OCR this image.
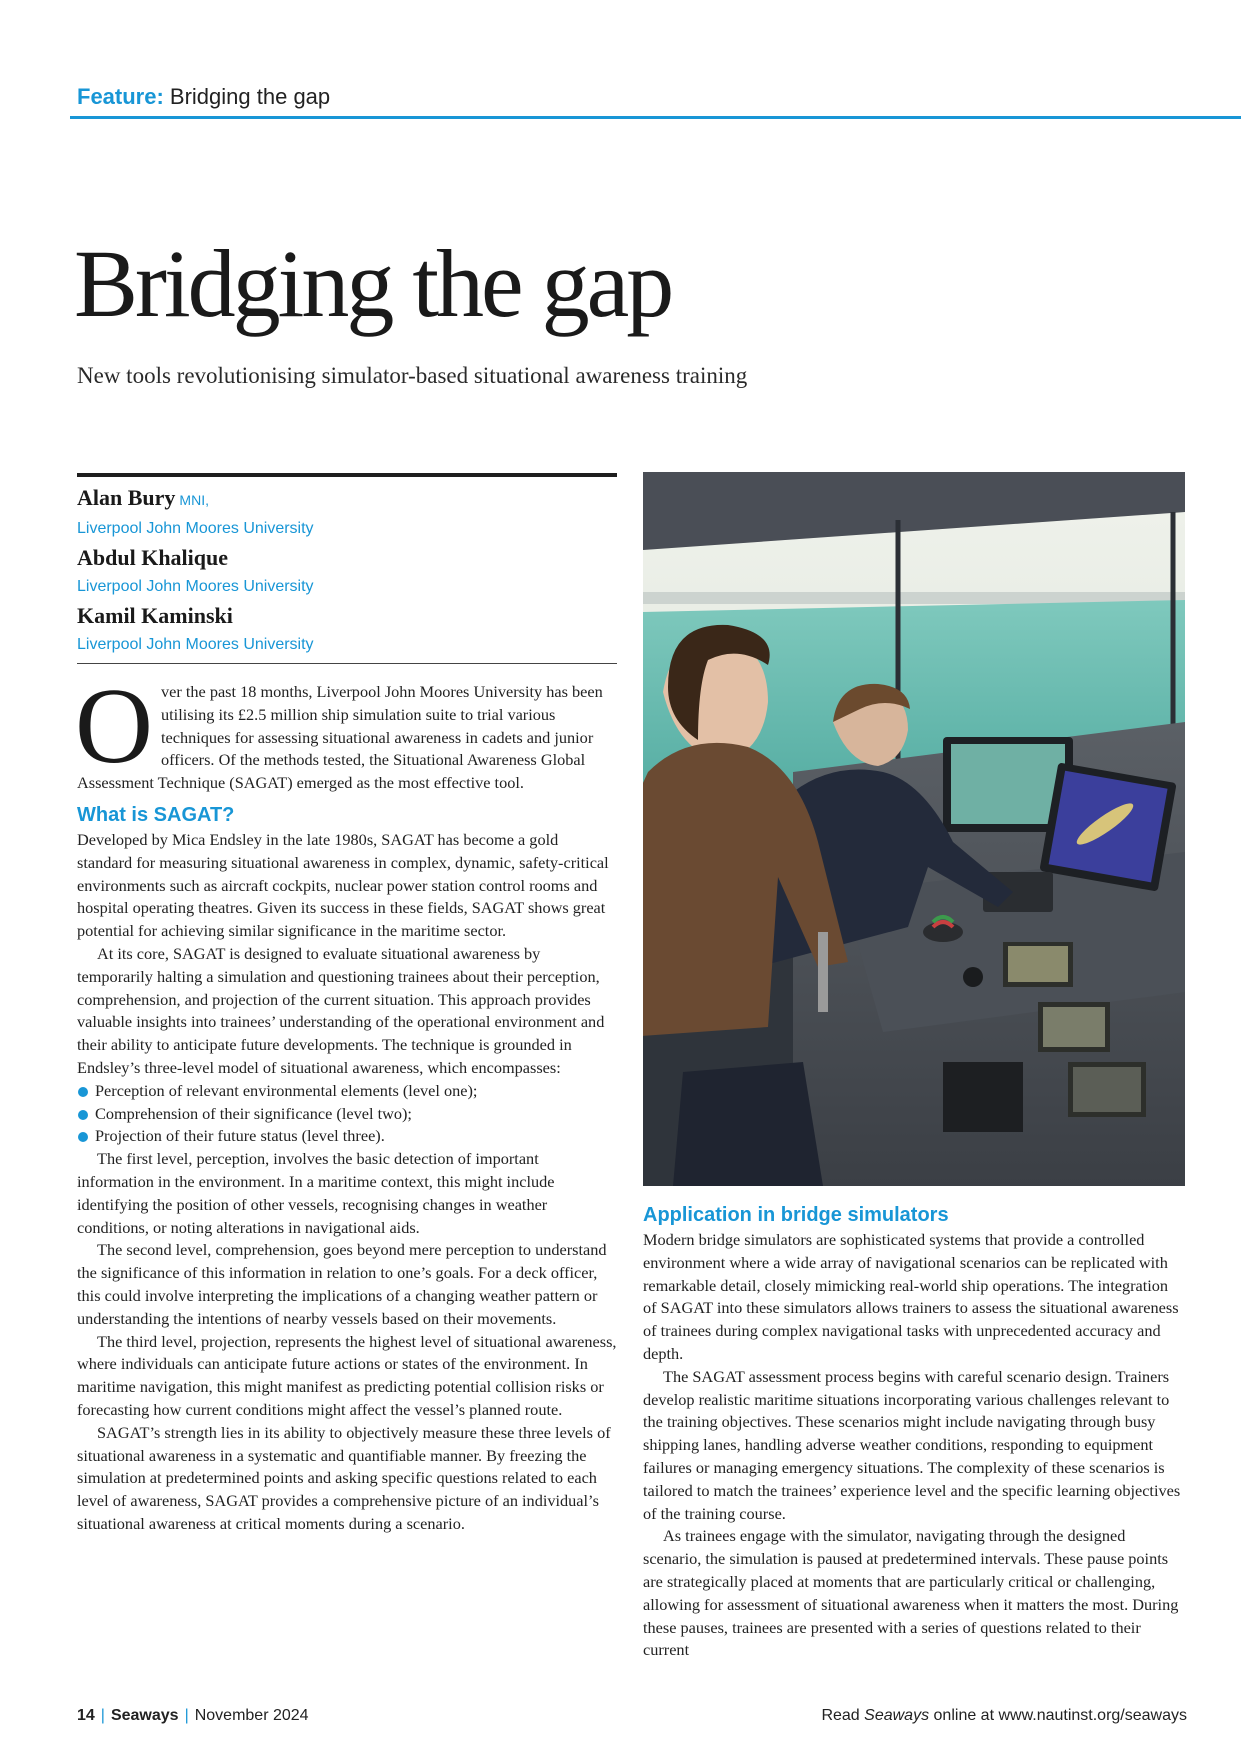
Feature: Bridging the gap
Bridging the gap
New tools revolutionising simulator-based situational awareness training
Alan Bury MNI,
Liverpool John Moores University
Abdul Khalique
Liverpool John Moores University
Kamil Kaminski
Liverpool John Moores University

Over the past 18 months, Liverpool John Moores University has been utilising its £2.5 million ship simulation suite to trial various techniques for assessing situational awareness in cadets and junior officers. Of the methods tested, the Situational Awareness Global Assessment Technique (SAGAT) emerged as the most effective tool.

What is SAGAT?

Developed by Mica Endsley in the late 1980s, SAGAT has become a gold standard for measuring situational awareness in complex, dynamic, safety-critical environments such as aircraft cockpits, nuclear power station control rooms and hospital operating theatres. Given its success in these fields, SAGAT shows great potential for achieving similar significance in the maritime sector.

At its core, SAGAT is designed to evaluate situational awareness by temporarily halting a simulation and questioning trainees about their perception, comprehension, and projection of the current situation. This approach provides valuable insights into trainees’ understanding of the operational environment and their ability to anticipate future developments. The technique is grounded in Endsley’s three-level model of situational awareness, which encompasses:

Perception of relevant environmental elements (level one);
Comprehension of their significance (level two);
Projection of their future status (level three).

The first level, perception, involves the basic detection of important information in the environment. In a maritime context, this might include identifying the position of other vessels, recognising changes in weather conditions, or noting alterations in navigational aids.

The second level, comprehension, goes beyond mere perception to understand the significance of this information in relation to one’s goals. For a deck officer, this could involve interpreting the implications of a changing weather pattern or understanding the intentions of nearby vessels based on their movements.

The third level, projection, represents the highest level of situational awareness, where individuals can anticipate future actions or states of the environment. In maritime navigation, this might manifest as predicting potential collision risks or forecasting how current conditions might affect the vessel’s planned route.

SAGAT’s strength lies in its ability to objectively measure these three levels of situational awareness in a systematic and quantifiable manner. By freezing the simulation at predetermined points and asking specific questions related to each level of awareness, SAGAT provides a comprehensive picture of an individual’s situational awareness at critical moments during a scenario.

Application in bridge simulators

Modern bridge simulators are sophisticated systems that provide a controlled environment where a wide array of navigational scenarios can be replicated with remarkable detail, closely mimicking real-world ship operations. The integration of SAGAT into these simulators allows trainers to assess the situational awareness of trainees during complex navigational tasks with unprecedented accuracy and depth.

The SAGAT assessment process begins with careful scenario design. Trainers develop realistic maritime situations incorporating various challenges relevant to the training objectives. These scenarios might include navigating through busy shipping lanes, handling adverse weather conditions, responding to equipment failures or managing emergency situations. The complexity of these scenarios is tailored to match the trainees’ experience level and the specific learning objectives of the training course.

As trainees engage with the simulator, navigating through the designed scenario, the simulation is paused at predetermined intervals. These pause points are strategically placed at moments that are particularly critical or challenging, allowing for assessment of situational awareness when it matters the most. During these pauses, trainees are presented with a series of questions related to their current

14 | Seaways | November 2024	Read Seaways online at www.nautinst.org/seaways
